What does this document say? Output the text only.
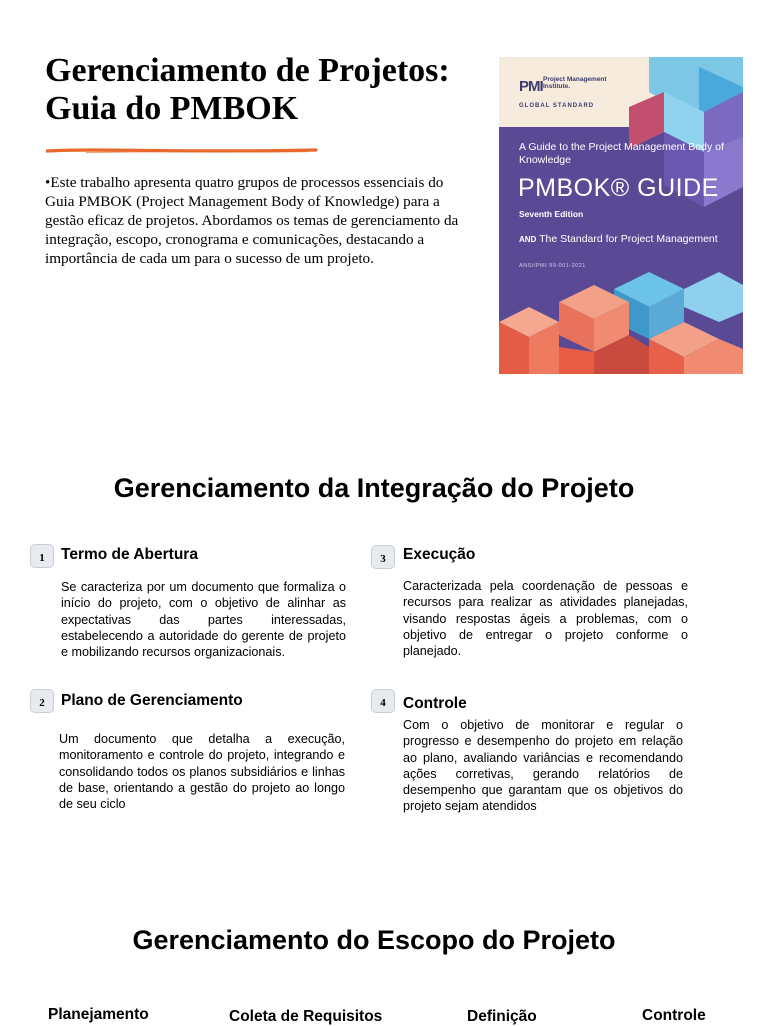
Gerenciamento de Projetos: Guia do PMBOK

•Este trabalho apresenta quatro grupos de processos essenciais do Guia PMBOK (Project Management Body of Knowledge) para a gestão eficaz de projetos. Abordamos os temas de gerenciamento da integração, escopo, cronograma e comunicações, destacando a importância de cada um para o sucesso de um projeto.

PMI Project Management Institute.
GLOBAL STANDARD
A Guide to the Project Management Body of Knowledge
PMBOK® GUIDE
Seventh Edition
AND The Standard for Project Management
ANSI/PMI 99-001-2021
Gerenciamento da Integração do Projeto
1	Termo de Abertura

Se caracteriza por um documento que formaliza o início do projeto, com o objetivo de alinhar as expectativas das partes interessadas, estabelecendo a autoridade do gerente de projeto e mobilizando recursos organizacionais.

2	Plano de Gerenciamento

Um documento que detalha a execução, monitoramento e controle do projeto, integrando e consolidando todos os planos subsidiários e linhas de base, orientando a gestão do projeto ao longo de seu ciclo

3	Execução

Caracterizada pela coordenação de pessoas e recursos para realizar as atividades planejadas, visando respostas ágeis a problemas, com o objetivo de entregar o projeto conforme o planejado.

4	Controle

Com o objetivo de monitorar e regular o progresso e desempenho do projeto em relação ao plano, avaliando variâncias e recomendando ações corretivas, gerando relatórios de desempenho que garantam que os objetivos do projeto sejam atendidos

Gerenciamento do Escopo do Projeto
Planejamento	Coleta de Requisitos	Definição	Controle
